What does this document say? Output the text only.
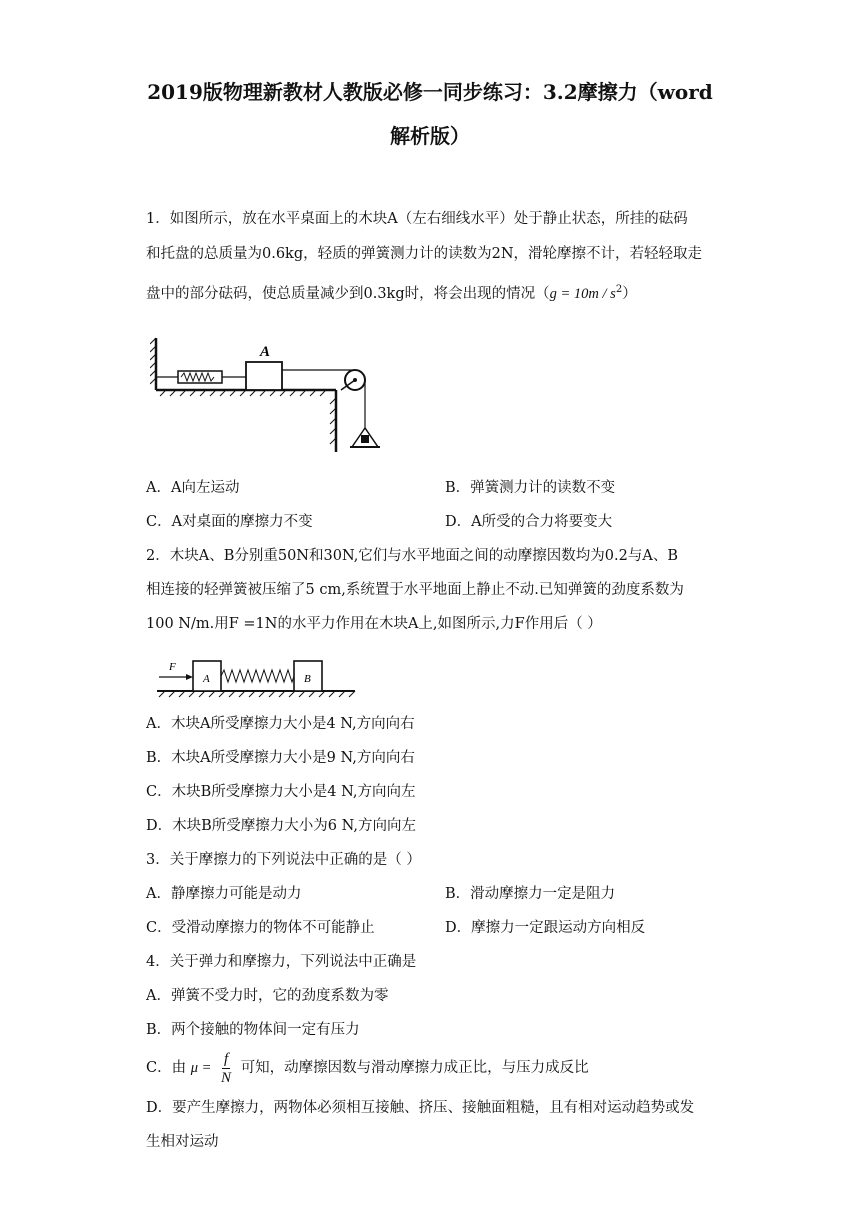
2019版物理新教材人教版必修一同步练习：3.2摩擦力（word
解析版）
1．如图所示，放在水平桌面上的木块A（左右细线水平）处于静止状态，所挂的砝码
和托盘的总质量为0.6kg，轻质的弹簧测力计的读数为2N，滑轮摩擦不计，若轻轻取走
盘中的部分砝码，使总质量减少到0.3kg时，将会出现的情况$(g = 10m / s^2)$
A
A．A向左运动	B．弹簧测力计的读数不变
C．A对桌面的摩擦力不变	D．A所受的合力将要变大
2．木块A、B分别重50N和30N,它们与水平地面之间的动摩擦因数均为0.2与A、B
相连接的轻弹簧被压缩了5 cm,系统置于水平地面上静止不动.已知弹簧的劲度系数为
100 N/m.用F =1N的水平力作用在木块A上,如图所示,力F作用后（ ）
F
A	B
A．木块A所受摩擦力大小是4 N,方向向右
B．木块A所受摩擦力大小是9 N,方向向右
C．木块B所受摩擦力大小是4 N,方向向左
D．木块B所受摩擦力大小为6 N,方向向左
3．关于摩擦力的下列说法中正确的是（ ）
A．静摩擦力可能是动力	B．滑动摩擦力一定是阻力
C．受滑动摩擦力的物体不可能静止	D．摩擦力一定跟运动方向相反
4．关于弹力和摩擦力，下列说法中正确是
A．弹簧不受力时，它的劲度系数为零
B．两个接触的物体间一定有压力
C．由 $\mu = \frac{f}{N}$ 可知，动摩擦因数与滑动摩擦力成正比，与压力成反比
D．要产生摩擦力，两物体必须相互接触、挤压、接触面粗糙，且有相对运动趋势或发
生相对运动
